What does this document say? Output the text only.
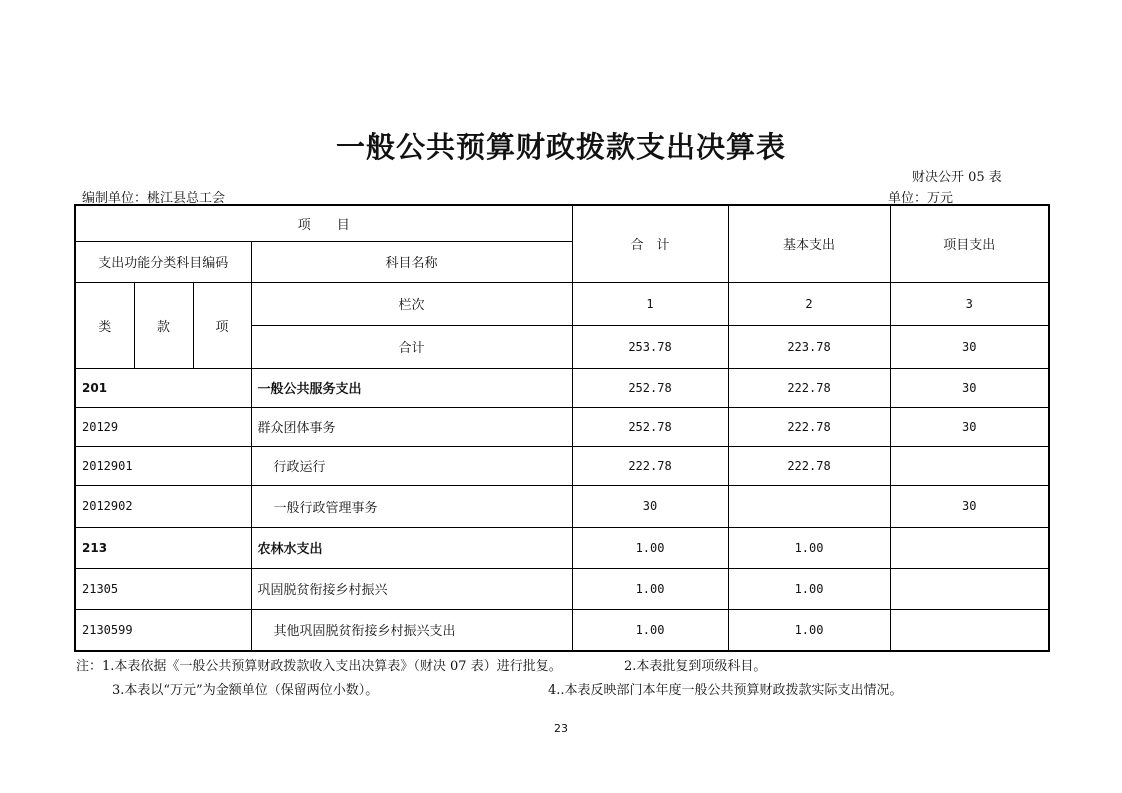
一般公共预算财政拨款支出决算表
财决公开 05 表
编制单位：桃江县总工会	单位：万元
项　　目				合　计	基本支出	项目支出
支出功能分类科目编码			科目名称			
类	款	项	栏次	1	2	3
			合计	253.78	223.78	30
201			一般公共服务支出	252.78	222.78	30
20129			群众团体事务	252.78	222.78	30
2012901			行政运行	222.78	222.78	
2012902			一般行政管理事务	30		30
213			农林水支出	1.00	1.00	
21305			巩固脱贫衔接乡村振兴	1.00	1.00	
2130599			其他巩固脱贫衔接乡村振兴支出	1.00	1.00	
注：1.本表依据《一般公共预算财政拨款收入支出决算表》（财决 07 表）进行批复。	2.本表批复到项级科目。
3.本表以“万元”为金额单位（保留两位小数）。	4..本表反映部门本年度一般公共预算财政拨款实际支出情况。
23
